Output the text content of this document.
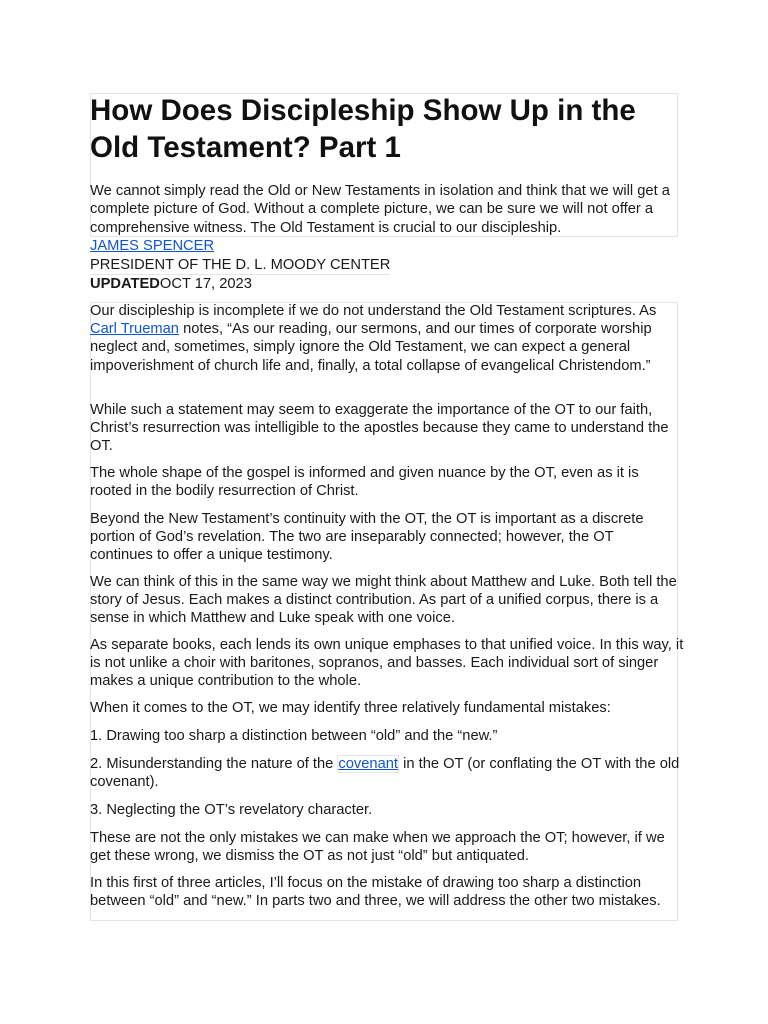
How Does Discipleship Show Up in the Old Testament? Part 1

We cannot simply read the Old or New Testaments in isolation and think that we will get a complete picture of God. Without a complete picture, we can be sure we will not offer a comprehensive witness. The Old Testament is crucial to our discipleship.

JAMES SPENCER
PRESIDENT OF THE D. L. MOODY CENTER
UPDATEDOCT 17, 2023

Our discipleship is incomplete if we do not understand the Old Testament scriptures. As Carl Trueman notes, “As our reading, our sermons, and our times of corporate worship neglect and, sometimes, simply ignore the Old Testament, we can expect a general impoverishment of church life and, finally, a total collapse of evangelical Christendom.”

While such a statement may seem to exaggerate the importance of the OT to our faith, Christ’s resurrection was intelligible to the apostles because they came to understand the OT.

The whole shape of the gospel is informed and given nuance by the OT, even as it is rooted in the bodily resurrection of Christ.

Beyond the New Testament’s continuity with the OT, the OT is important as a discrete portion of God’s revelation. The two are inseparably connected; however, the OT continues to offer a unique testimony.

We can think of this in the same way we might think about Matthew and Luke. Both tell the story of Jesus. Each makes a distinct contribution. As part of a unified corpus, there is a sense in which Matthew and Luke speak with one voice.

As separate books, each lends its own unique emphases to that unified voice. In this way, it is not unlike a choir with baritones, sopranos, and basses. Each individual sort of singer makes a unique contribution to the whole.

When it comes to the OT, we may identify three relatively fundamental mistakes:

1. Drawing too sharp a distinction between “old” and the “new.”

2. Misunderstanding the nature of the covenant in the OT (or conflating the OT with the old covenant).

3. Neglecting the OT’s revelatory character.

These are not the only mistakes we can make when we approach the OT; however, if we get these wrong, we dismiss the OT as not just “old” but antiquated.

In this first of three articles, I’ll focus on the mistake of drawing too sharp a distinction between “old” and “new.” In parts two and three, we will address the other two mistakes.
